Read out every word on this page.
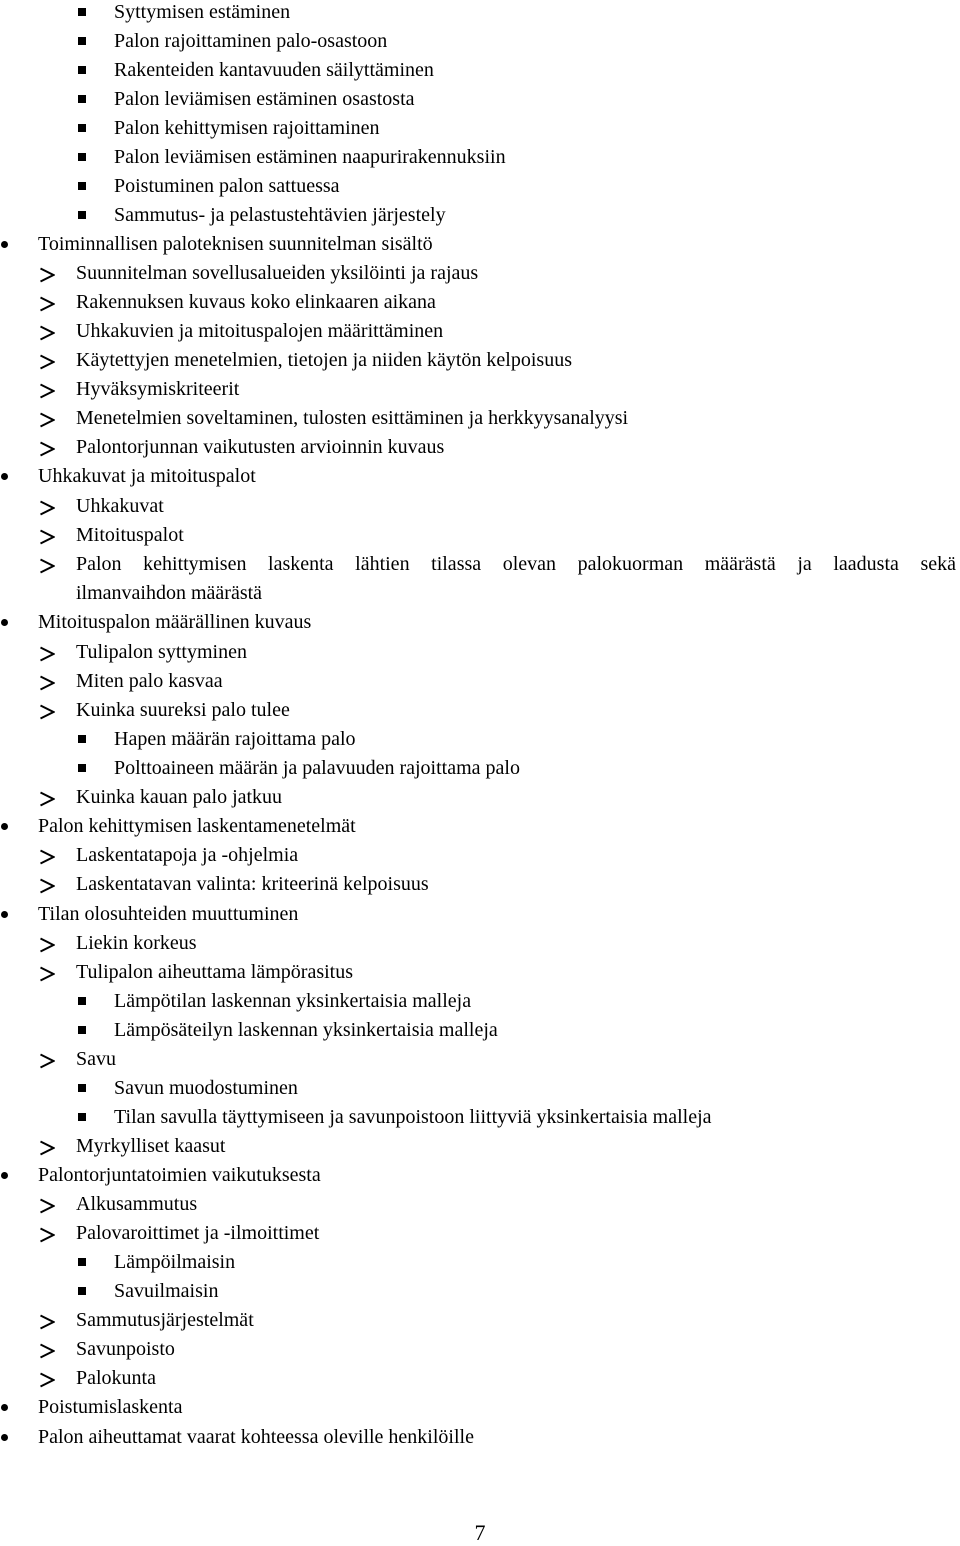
Syttymisen estäminen
Palon rajoittaminen palo-osastoon
Rakenteiden kantavuuden säilyttäminen
Palon leviämisen estäminen osastosta
Palon kehittymisen rajoittaminen
Palon leviämisen estäminen naapurirakennuksiin
Poistuminen palon sattuessa
Sammutus- ja pelastustehtävien järjestely
Toiminnallisen paloteknisen suunnitelman sisältö
Suunnitelman sovellusalueiden yksilöinti ja rajaus
Rakennuksen kuvaus koko elinkaaren aikana
Uhkakuvien ja mitoituspalojen määrittäminen
Käytettyjen menetelmien, tietojen ja niiden käytön kelpoisuus
Hyväksymiskriteerit
Menetelmien soveltaminen, tulosten esittäminen ja herkkyysanalyysi
Palontorjunnan vaikutusten arvioinnin kuvaus
Uhkakuvat ja mitoituspalot
Uhkakuvat
Mitoituspalot
Palon kehittymisen laskenta lähtien tilassa olevan palokuorman määrästä ja laadusta sekä
ilmanvaihdon määrästä
Mitoituspalon määrällinen kuvaus
Tulipalon syttyminen
Miten palo kasvaa
Kuinka suureksi palo tulee
Hapen määrän rajoittama palo
Polttoaineen määrän ja palavuuden rajoittama palo
Kuinka kauan palo jatkuu
Palon kehittymisen laskentamenetelmät
Laskentatapoja ja -ohjelmia
Laskentatavan valinta: kriteerinä kelpoisuus
Tilan olosuhteiden muuttuminen
Liekin korkeus
Tulipalon aiheuttama lämpörasitus
Lämpötilan laskennan yksinkertaisia malleja
Lämpösäteilyn laskennan yksinkertaisia malleja
Savu
Savun muodostuminen
Tilan savulla täyttymiseen ja savunpoistoon liittyviä yksinkertaisia malleja
Myrkylliset kaasut
Palontorjuntatoimien vaikutuksesta
Alkusammutus
Palovaroittimet ja -ilmoittimet
Lämpöilmaisin
Savuilmaisin
Sammutusjärjestelmät
Savunpoisto
Palokunta
Poistumislaskenta
Palon aiheuttamat vaarat kohteessa oleville henkilöille
7
